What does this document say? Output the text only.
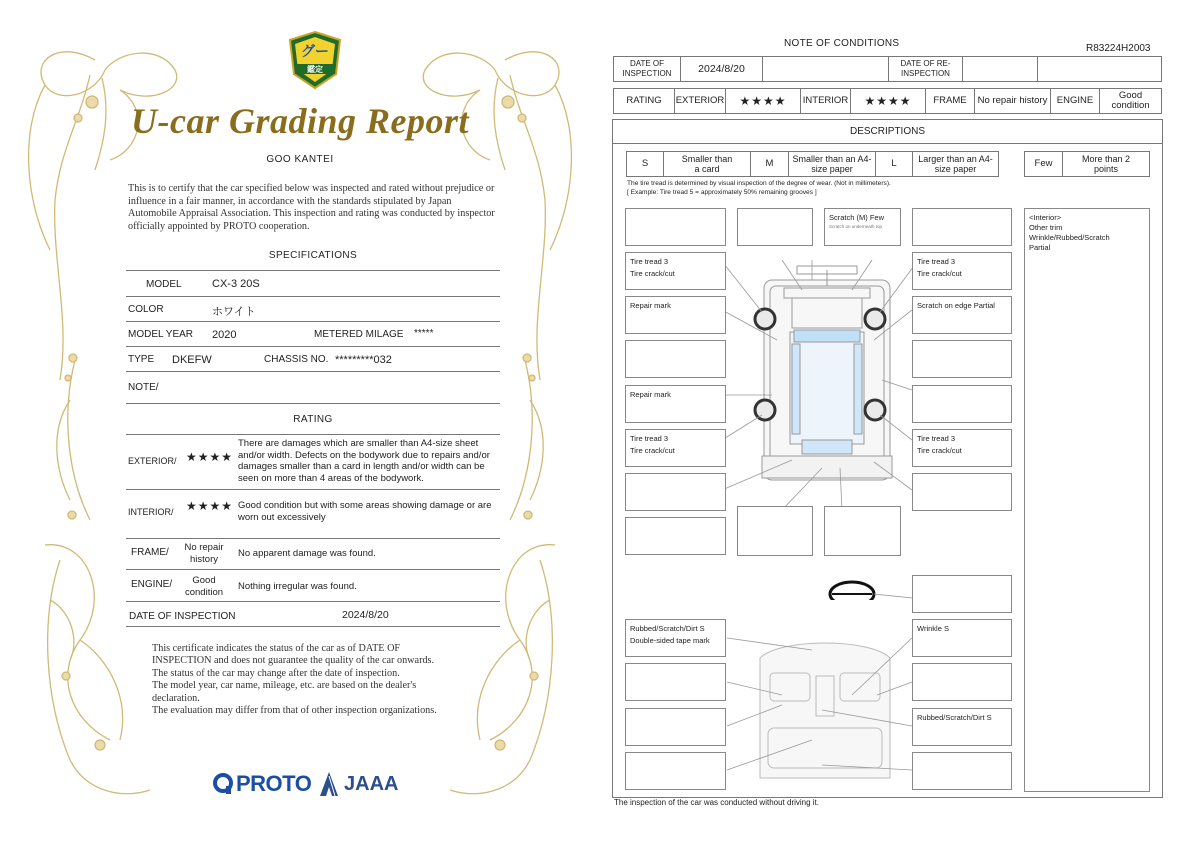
グー
鑑定
U-car Grading Report
GOO KANTEI
This is to certify that the car specified below was inspected and rated without prejudice or influence in a fair manner, in accordance with the standards stipulated by Japan Automobile Appraisal Association. This inspection and rating was conducted by inspector officially appointed by PROTO cooperation.
SPECIFICATIONS
MODEL	CX-3 20S
COLOR	ホワイト
MODEL YEAR 2020	METERED MILAGE *****
TYPE DKEFW	CHASSIS NO. *********032
NOTE/
RATING
EXTERIOR/ ★★★★
There are damages which are smaller than A4-size sheet and/or width. Defects on the bodywork due to repairs and/or damages smaller than a card in length and/or width can be seen on more than 4 areas of the bodywork.
INTERIOR/ ★★★★ Good condition but with some areas showing damage or are worn out excessively
FRAME/	No repair history	No apparent damage was found.
ENGINE/	Good condition	Nothing irregular was found.
DATE OF INSPECTION	2024/8/20
This certificate indicates the status of the car as of DATE OF
INSPECTION and does not guarantee the quality of the car onwards.
The status of the car may change after the date of inspection.
The model year, car name, mileage, etc. are based on the dealer's
declaration.
The evaluation may differ from that of other inspection organizations.
PROTO JAAA
NOTE OF CONDITIONS	R83224H2003
DATE OF INSPECTION	2024/8/20	DATE OF RE-INSPECTION
RATING	EXTERIOR	★★★★	INTERIOR	★★★★	FRAME	No repair history ENGINE	Good condition
DESCRIPTIONS
S	Smaller than a card
M	Smaller than an A4-size paper
L	Larger than an A4-size paper
Few	More than 2 points
The tire tread is determined by visual inspection of the degree of wear. (Not in millimeters).
[ Example: Tire tread 5 = approximately 50% remaining grooves ]
Scratch (M) Few
Scratch on underneath top
Tire tread 3
Tire crack/cut
Tire tread 3
Tire crack/cut
Repair mark	Scratch on edge Partial
Repair mark
Tire tread 3
Tire crack/cut
Tire tread 3
Tire crack/cut
<Interior>
Other trim
Wrinkle/Rubbed/Scratch
Partial
Rubbed/Scratch/Dirt S
Double-sided tape mark
Wrinkle S
Rubbed/Scratch/Dirt S
The inspection of the car was conducted without driving it.
